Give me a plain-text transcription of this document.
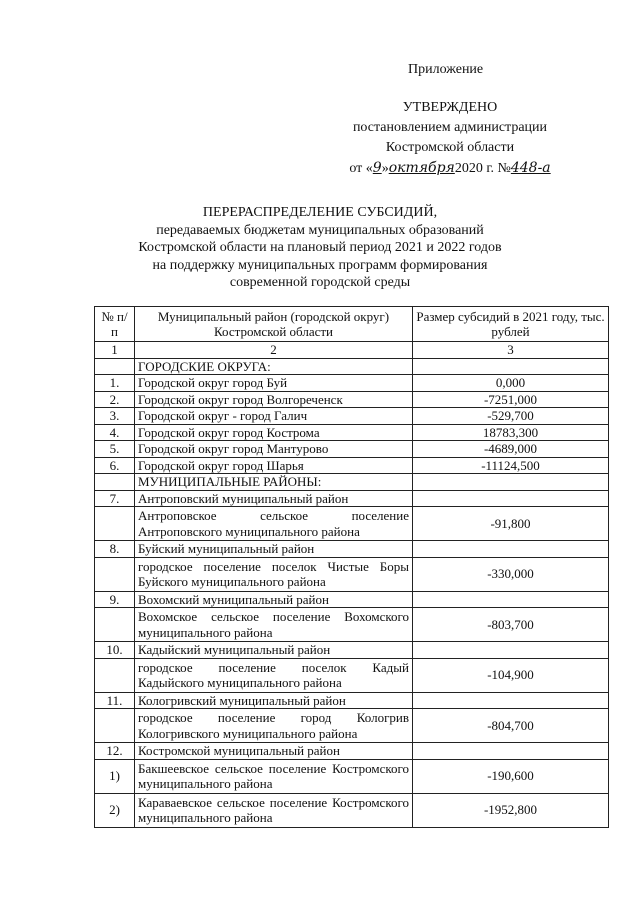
Приложение
УТВЕРЖДЕНО
постановлением администрации
Костромской области
от «9»октября2020 г. №448-а
ПЕРЕРАСПРЕДЕЛЕНИЕ СУБСИДИЙ,
передаваемых бюджетам муниципальных образований
Костромской области на плановый период 2021 и 2022 годов
на поддержку муниципальных программ формирования
современной городской среды
№ п/п	Муниципальный район (городской округ) Костромской области	Размер субсидий в 2021 году, тыс. рублей
1	2	3
	ГОРОДСКИЕ ОКРУГА:	
1.	Городской округ город Буй	0,000
2.	Городской округ город Волгореченск	-7251,000
3.	Городской округ - город Галич	-529,700
4.	Городской округ город Кострома	18783,300
5.	Городской округ город Мантурово	-4689,000
6.	Городской округ город Шарья	-11124,500
	МУНИЦИПАЛЬНЫЕ РАЙОНЫ:	
7.	Антроповский муниципальный район	
	Антроповское сельское поселение Антроповского муниципального района	-91,800
8.	Буйский муниципальный район	
	городское поселение поселок Чистые Боры Буйского муниципального района	-330,000
9.	Вохомский муниципальный район	
	Вохомское сельское поселение Вохомского муниципального района	-803,700
10.	Кадыйский муниципальный район	
	городское поселение поселок Кадый Кадыйского муниципального района	-104,900
11.	Кологривский муниципальный район	
	городское поселение город Кологрив Кологривского муниципального района	-804,700
12.	Костромской муниципальный район	
1)	Бакшеевское сельское поселение Костромского муниципального района	-190,600
2)	Караваевское сельское поселение Костромского муниципального района	-1952,800
